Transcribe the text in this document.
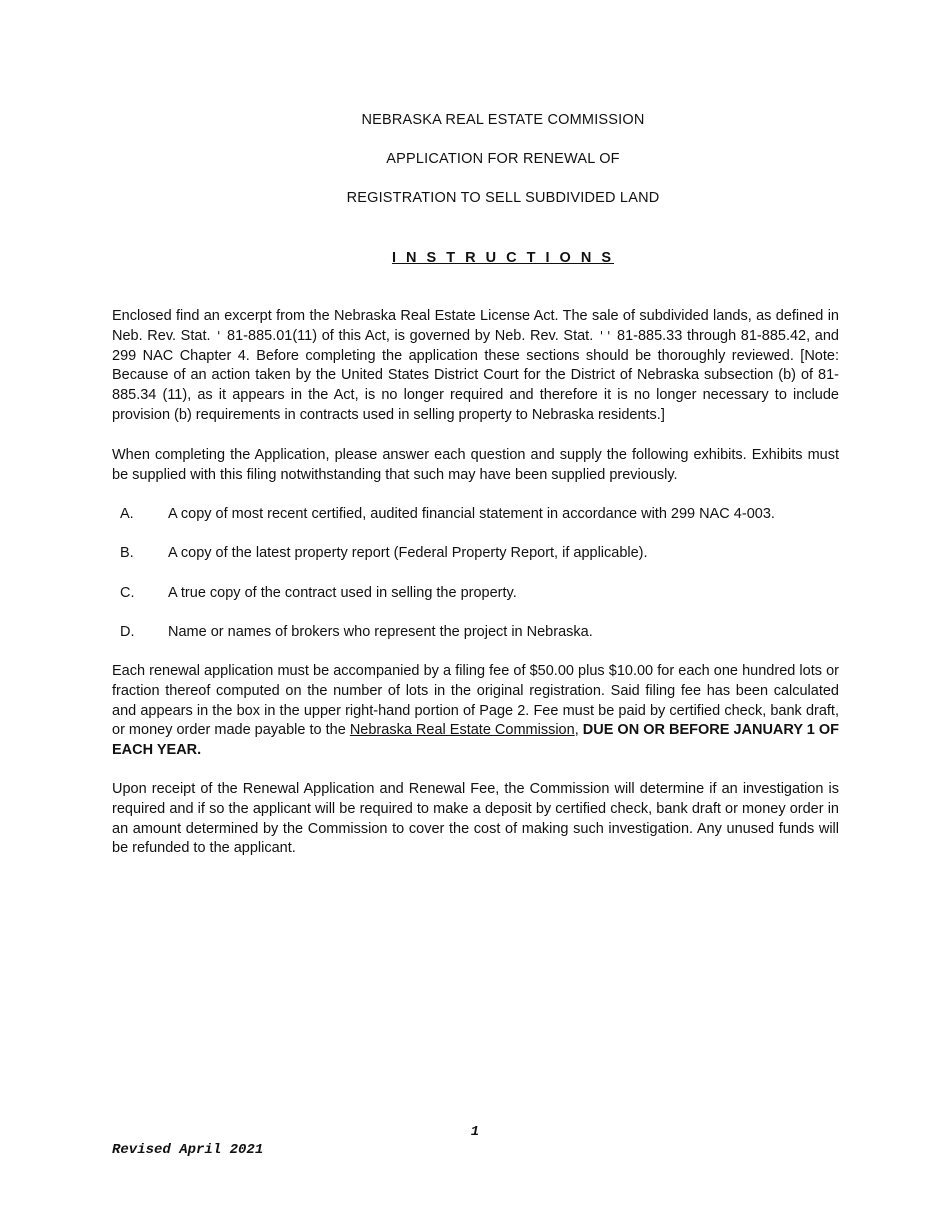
NEBRASKA REAL ESTATE COMMISSION
APPLICATION FOR RENEWAL OF
REGISTRATION TO SELL SUBDIVIDED LAND
I N S T R U C T I O N S
Enclosed find an excerpt from the Nebraska Real Estate License Act. The sale of subdivided lands, as defined in Neb. Rev. Stat. ' 81-885.01(11) of this Act, is governed by Neb. Rev. Stat. '' 81-885.33 through 81-885.42, and 299 NAC Chapter 4. Before completing the application these sections should be thoroughly reviewed. [Note: Because of an action taken by the United States District Court for the District of Nebraska subsection (b) of 81-885.34 (11), as it appears in the Act, is no longer required and therefore it is no longer necessary to include provision (b) requirements in contracts used in selling property to Nebraska residents.]
When completing the Application, please answer each question and supply the following exhibits. Exhibits must be supplied with this filing notwithstanding that such may have been supplied previously.
A. A copy of most recent certified, audited financial statement in accordance with 299 NAC 4-003.
B. A copy of the latest property report (Federal Property Report, if applicable).
C. A true copy of the contract used in selling the property.
D. Name or names of brokers who represent the project in Nebraska.
Each renewal application must be accompanied by a filing fee of $50.00 plus $10.00 for each one hundred lots or fraction thereof computed on the number of lots in the original registration. Said filing fee has been calculated and appears in the box in the upper right-hand portion of Page 2. Fee must be paid by certified check, bank draft, or money order made payable to the Nebraska Real Estate Commission, DUE ON OR BEFORE JANUARY 1 OF EACH YEAR.
Upon receipt of the Renewal Application and Renewal Fee, the Commission will determine if an investigation is required and if so the applicant will be required to make a deposit by certified check, bank draft or money order in an amount determined by the Commission to cover the cost of making such investigation. Any unused funds will be refunded to the applicant.
1
Revised April 2021
